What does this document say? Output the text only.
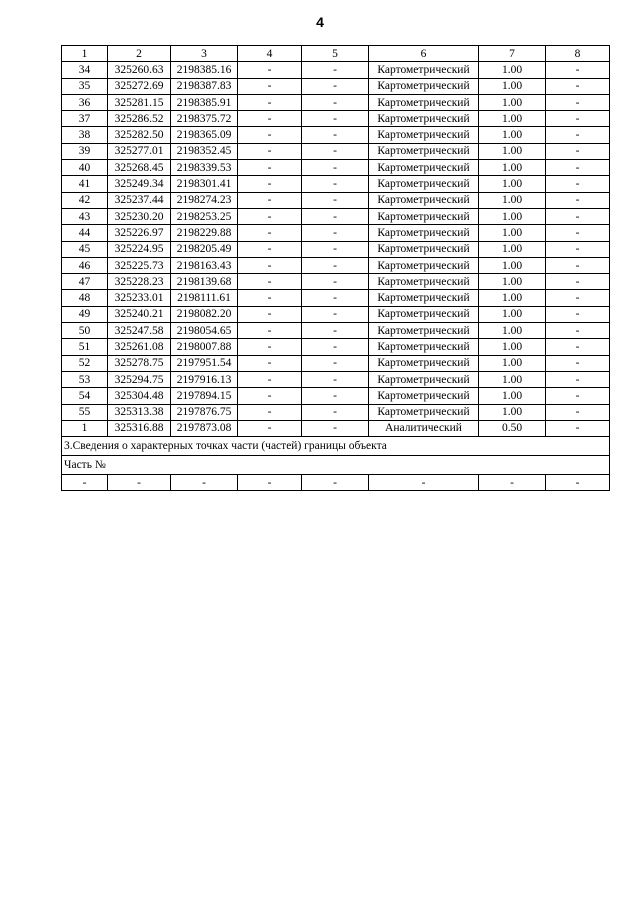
4
1	2	3	4	5	6	7	8
34	325260.63	2198385.16	-	-	Картометрический	1.00	-
35	325272.69	2198387.83	-	-	Картометрический	1.00	-
36	325281.15	2198385.91	-	-	Картометрический	1.00	-
37	325286.52	2198375.72	-	-	Картометрический	1.00	-
38	325282.50	2198365.09	-	-	Картометрический	1.00	-
39	325277.01	2198352.45	-	-	Картометрический	1.00	-
40	325268.45	2198339.53	-	-	Картометрический	1.00	-
41	325249.34	2198301.41	-	-	Картометрический	1.00	-
42	325237.44	2198274.23	-	-	Картометрический	1.00	-
43	325230.20	2198253.25	-	-	Картометрический	1.00	-
44	325226.97	2198229.88	-	-	Картометрический	1.00	-
45	325224.95	2198205.49	-	-	Картометрический	1.00	-
46	325225.73	2198163.43	-	-	Картометрический	1.00	-
47	325228.23	2198139.68	-	-	Картометрический	1.00	-
48	325233.01	2198111.61	-	-	Картометрический	1.00	-
49	325240.21	2198082.20	-	-	Картометрический	1.00	-
50	325247.58	2198054.65	-	-	Картометрический	1.00	-
51	325261.08	2198007.88	-	-	Картометрический	1.00	-
52	325278.75	2197951.54	-	-	Картометрический	1.00	-
53	325294.75	2197916.13	-	-	Картометрический	1.00	-
54	325304.48	2197894.15	-	-	Картометрический	1.00	-
55	325313.38	2197876.75	-	-	Картометрический	1.00	-
1	325316.88	2197873.08	-	-	Аналитический	0.50	-
3.Сведения о характерных точках части (частей) границы объекта							
Часть №							
-	-	-	-	-	-	-	-
